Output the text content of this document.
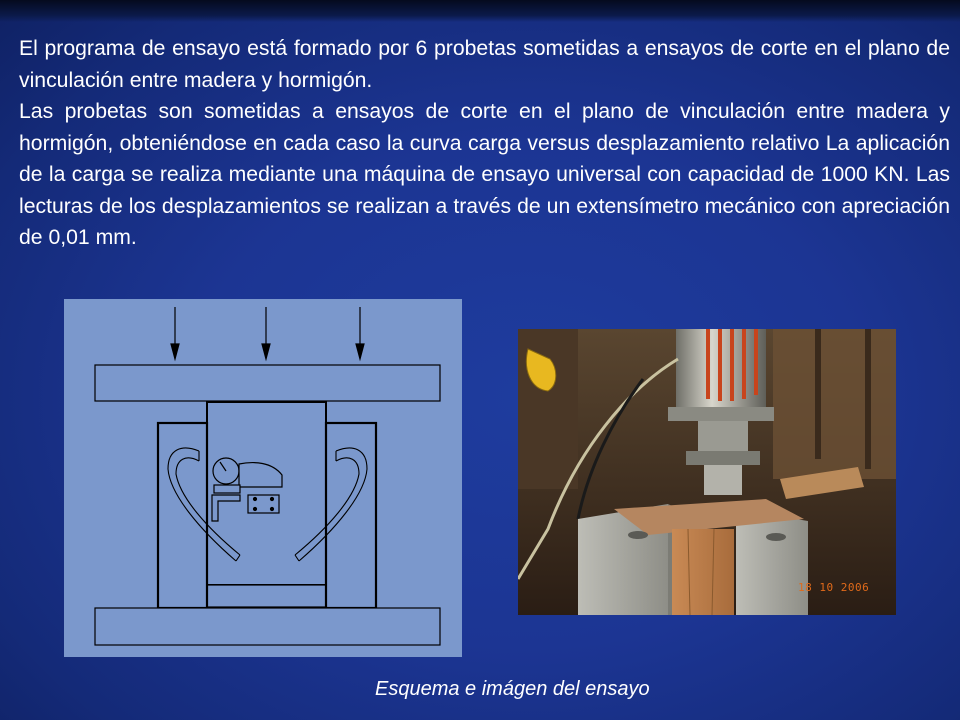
El programa de ensayo está formado por 6 probetas sometidas a ensayos de corte en el plano de vinculación entre madera y hormigón.

Las probetas son sometidas a ensayos de corte en el plano de vinculación entre madera y hormigón, obteniéndose en cada caso la curva carga versus desplazamiento relativo La aplicación de la carga se realiza mediante una máquina de ensayo universal con capacidad de 1000 KN. Las lecturas de los desplazamientos se realizan a través de un extensímetro mecánico con apreciación de 0,01 mm.

18 10 2006
Esquema e imágen del ensayo
